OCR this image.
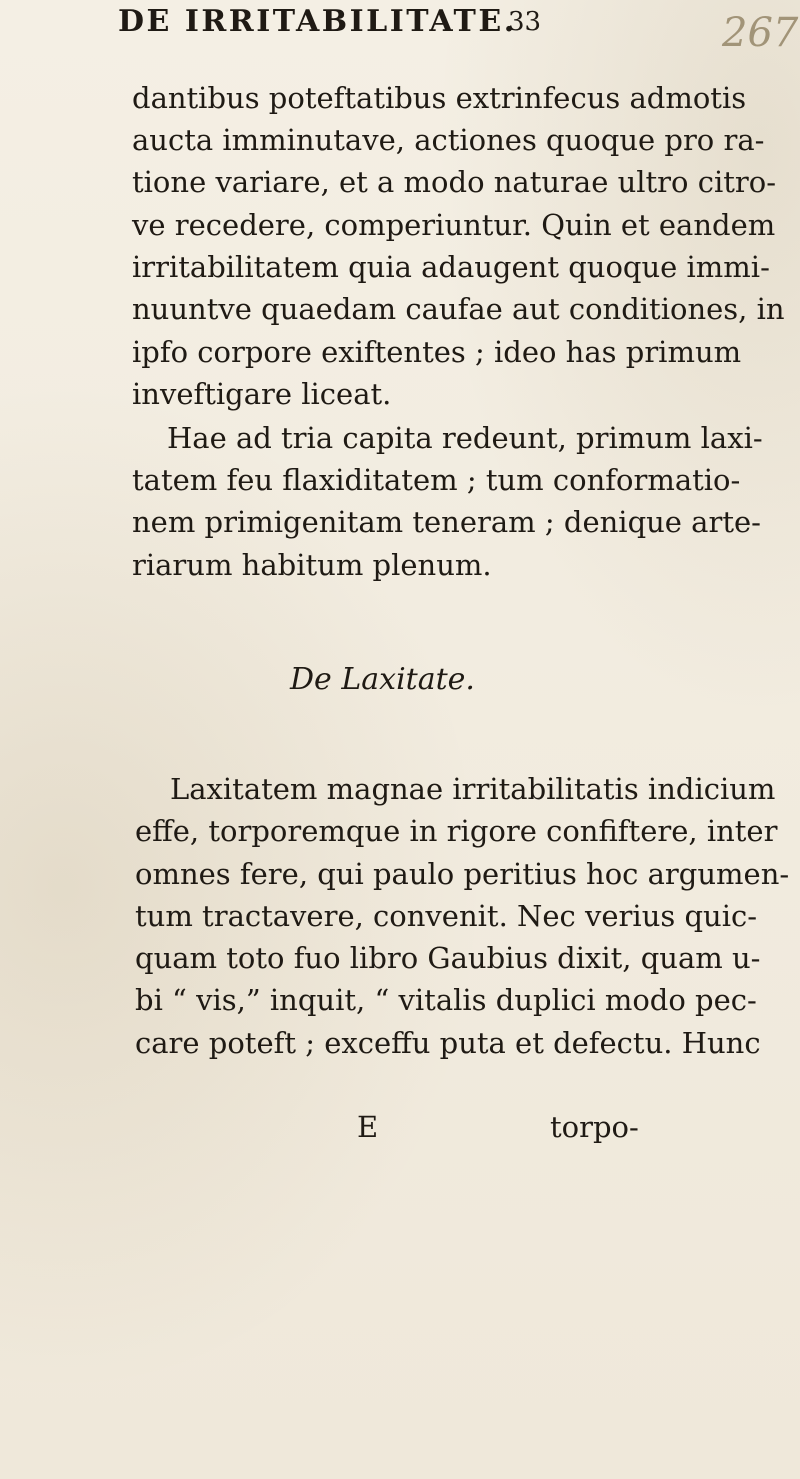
DE IRRITABILITATE.
33	267
dantibus poteftatibus extrinfecus admotis
aucta imminutave, actiones quoque pro ra-
tione variare, et a modo naturae ultro citro-
ve recedere, comperiuntur. Quin et eandem
irritabilitatem quia adaugent quoque immi-
nuuntve quaedam caufae aut conditiones, in
ipfo corpore exiftentes ; ideo has primum
inveftigare liceat.
Hae ad tria capita redeunt, primum laxi-
tatem feu flaxiditatem ; tum conformatio-
nem primigenitam teneram ; denique arte-
riarum habitum plenum.
De Laxitate.
Laxitatem magnae irritabilitatis indicium
effe, torporemque in rigore confiftere, inter
omnes fere, qui paulo peritius hoc argumen-
tum tractavere, convenit. Nec verius quic-
quam toto fuo libro Gaubius dixit, quam u-
bi “ vis,” inquit, “ vitalis duplici modo pec-
care poteft ; exceffu puta et defectu. Hunc
E	torpo-
